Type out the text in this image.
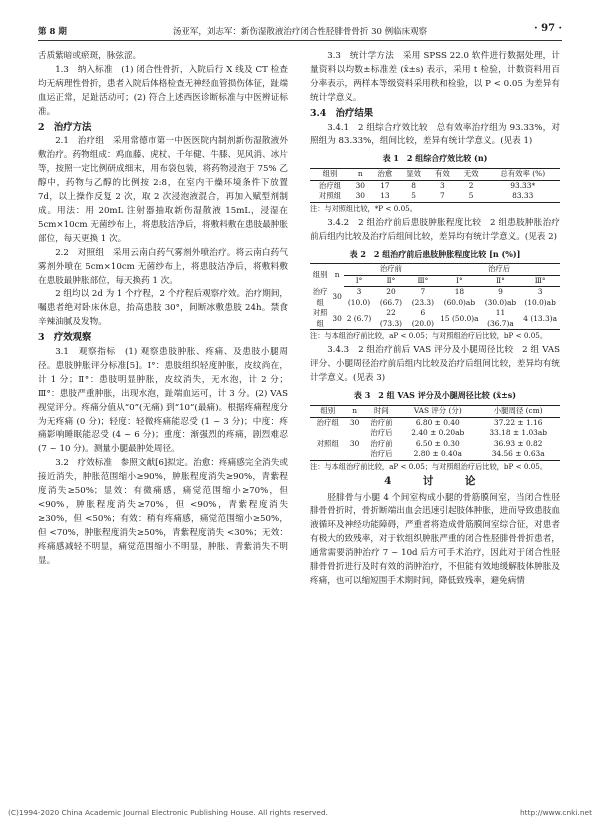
第 8 期	汤亚军，刘志军：新伤湿散液治疗闭合性胫腓骨骨折 30 例临床观察	· 97 ·

舌质紫暗或瘀斑，脉弦涩。

1.3　纳入标准　(1) 闭合性骨折，入院后行 X 线及 CT 检查均无病理性骨折，患者入院后体格检查无神经血管损伤体征，趾端血运正常，足趾活动可；(2) 符合上述西医诊断标准与中医辨证标准。

2　治疗方法

2.1　治疗组　采用常德市第一中医医院内制剂新伤湿散液外敷治疗。药物组成：鸡血藤、虎杖、千年健、牛膝、见风消、冰片等，按照一定比例研成细末，用布袋包装，将药物浸泡于 75% 乙醇中，药物与乙醇的比例按 2:8，在室内干燥环境条件下放置 7d，以上操作反复 2 次，取 2 次浸泡液混合，再加入赋型剂制成。用法：用 20mL 注射器抽取新伤湿散液 15mL，浸湿在 5cm×10cm 无菌纱布上，将患肢洁净后，将敷料敷在患肢最肿胀部位，每天更换 1 次。

2.2　对照组　采用云南白药气雾剂外喷治疗。将云南白药气雾剂外喷在 5cm×10cm 无菌纱布上，将患肢洁净后，将敷料敷在患肢最肿胀部位，每天换药 1 次。

2 组均以 2d 为 1 个疗程，2 个疗程后观察疗效。治疗期间，嘱患者绝对卧床休息，抬高患肢 30°，间断冰敷患肢 24h。禁食辛辣油腻及发物。

3　疗效观察

3.1　观察指标　(1) 观察患肢肿胀、疼痛、及患肢小腿周径。患肢肿胀评分标准[5]。Ⅰ°：患肢组织轻度肿胀，皮纹尚在，计 1 分；Ⅱ°：患肢明显肿胀，皮纹消失，无水泡，计 2 分；Ⅲ°：患肢严重肿胀，出现水泡，趾端血运可，计 3 分。(2) VAS 视觉评分。疼痛分值从“0”(无痛) 到“10”(最痛)。根据疼痛程度分为无疼痛 (0 分)；轻度：轻微疼痛能忍受 (1 ~ 3 分)；中度：疼痛影响睡眠能忍受 (4 ~ 6 分)；重度：渐强烈的疼痛，剧烈难忍 (7 ~ 10 分)。测量小腿最肿处周径。

3.2　疗效标准　参照文献[6]拟定。治愈：疼痛感完全消失或接近消失，肿胀范围缩小≥90%，肿胀程度消失≥90%，青紫程度消失≥50%；显效：有微痛感，痛觉范围缩小≥70%，但 <90%，肿胀程度消失≥70%，但 <90%，青紫程度消失≥30%，但 <50%；有效：稍有疼痛感，痛觉范围缩小≥50%，但 <70%，肿胀程度消失≥50%，青紫程度消失 <30%；无效：疼痛感减轻不明显，痛觉范围缩小不明显，肿胀、青紫消失不明显。

3.3　统计学方法　采用 SPSS 22.0 软件进行数据处理，计量资料以均数±标准差 (x̄±s) 表示，采用 t 检验，计数资料用百分率表示，两样本等级资料采用秩和检验，以 P < 0.05 为差异有统计学意义。

3.4　治疗结果

3.4.1　2 组综合疗效比较　总有效率治疗组为 93.33%，对照组为 83.33%，组间比较，差异有统计学意义。(见表 1)

表 1　2 组综合疗效比较 (n)
组别	n	治愈	显效	有效	无效	总有效率 (%)
治疗组	30	17	8	3	2	93.33*
对照组	30	13	5	7	5	83.33
注：与对照组比较，*P < 0.05。

3.4.2　2 组治疗前后患肢肿胀程度比较　2 组患肢肿胀治疗前后组内比较及治疗后组间比较，差异均有统计学意义。(见表 2)

表 2　2 组治疗前后患肢肿胀程度比较 [n (%)]
组别	n	治疗前			治疗后		
		Ⅰ°	Ⅱ°	Ⅲ°	Ⅰ°	Ⅱ°	Ⅲ°
治疗组	30	3 (10.0)	20 (66.7)	7 (23.3)	18 (60.0)ab	9 (30.0)ab	3 (10.0)ab
对照组	30	2 (6.7)	22 (73.3)	6 (20.0)	15 (50.0)a	11 (36.7)a	4 (13.3)a
注：与本组治疗前比较，aP < 0.05；与对照组治疗后比较，bP < 0.05。

3.4.3　2 组治疗前后 VAS 评分及小腿周径比较　2 组 VAS 评分、小腿周径治疗前后组内比较及治疗后组间比较，差异均有统计学意义。(见表 3)

表 3　2 组 VAS 评分及小腿周径比较 (x̄±s)
组别	n	时间	VAS 评分 (分)	小腿周径 (cm)
治疗组	30	治疗前	6.80 ± 0.40	37.22 ± 1.16
		治疗后	2.40 ± 0.20ab	33.18 ± 1.03ab
对照组	30	治疗前	6.50 ± 0.30	36.93 ± 0.82
		治疗后	2.80 ± 0.40a	34.56 ± 0.63a
注：与本组治疗前比较，aP < 0.05；与对照组治疗后比较，bP < 0.05。
4　讨　论

胫腓骨与小腿 4 个间室构成小腿的骨筋膜间室，当闭合性胫腓骨骨折时，骨折断端出血会迅速引起肢体肿胀，进而导致患肢血液循环及神经功能障碍，严重者将造成骨筋膜间室综合征，对患者有极大的致残率，对于软组织肿胀严重的闭合性胫腓骨骨折患者，通常需要消肿治疗 7 ~ 10d 后方可手术治疗，因此对于闭合性胫腓骨骨折进行及时有效的消肿治疗，不但能有效地缓解肢体肿胀及疼痛，也可以缩短围手术期时间，降低致残率，避免病情

(C)1994-2020 China Academic Journal Electronic Publishing House. All rights reserved.	http://www.cnki.net
